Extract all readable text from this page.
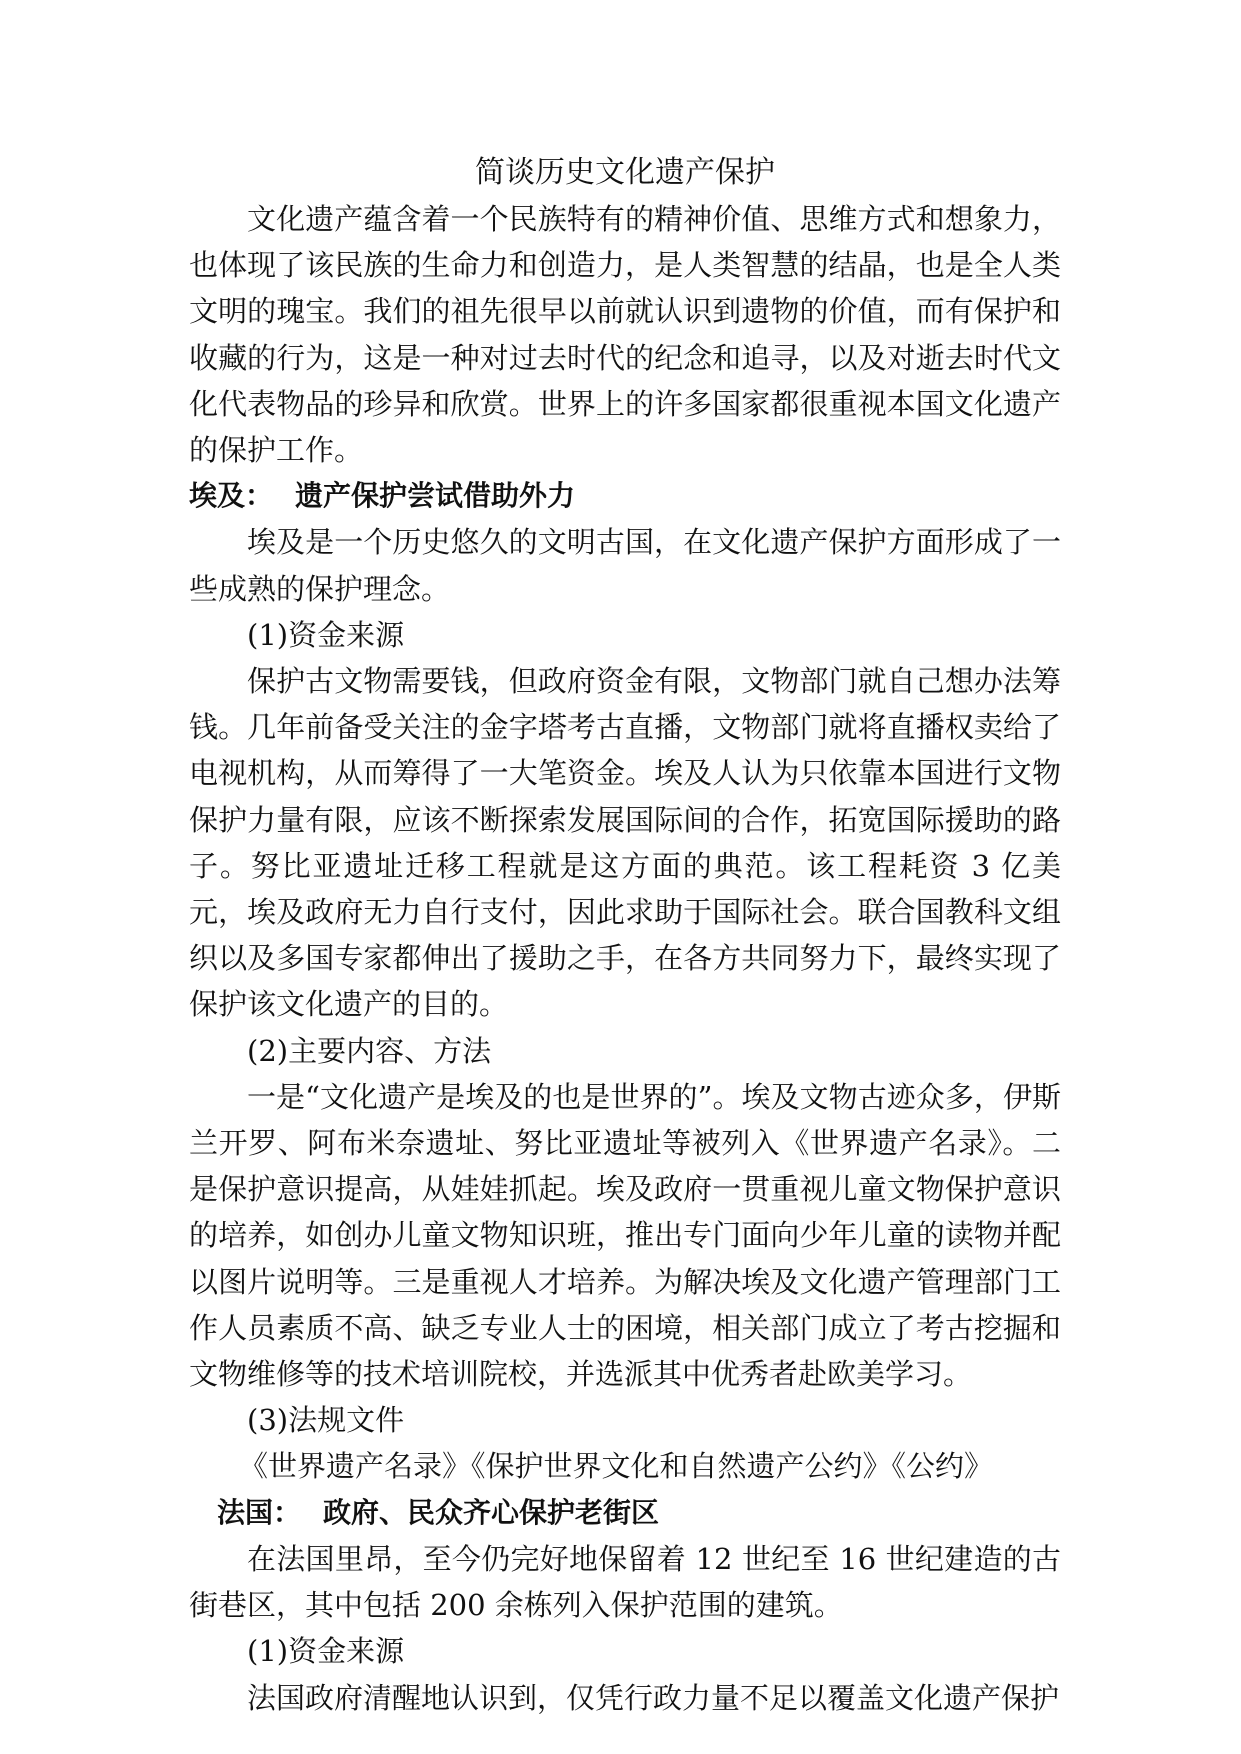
简谈历史文化遗产保护

文化遗产蕴含着一个民族特有的精神价值、思维方式和想象力，也体现了该民族的生命力和创造力，是人类智慧的结晶，也是全人类文明的瑰宝。我们的祖先很早以前就认识到遗物的价值，而有保护和收藏的行为，这是一种对过去时代的纪念和追寻，以及对逝去时代文化代表物品的珍异和欣赏。世界上的许多国家都很重视本国文化遗产的保护工作。

埃及： 遗产保护尝试借助外力

埃及是一个历史悠久的文明古国，在文化遗产保护方面形成了一些成熟的保护理念。

(1)资金来源

保护古文物需要钱，但政府资金有限，文物部门就自己想办法筹钱。几年前备受关注的金字塔考古直播，文物部门就将直播权卖给了电视机构，从而筹得了一大笔资金。埃及人认为只依靠本国进行文物保护力量有限，应该不断探索发展国际间的合作，拓宽国际援助的路子。努比亚遗址迁移工程就是这方面的典范。该工程耗资 3 亿美元，埃及政府无力自行支付，因此求助于国际社会。联合国教科文组织以及多国专家都伸出了援助之手，在各方共同努力下，最终实现了保护该文化遗产的目的。

(2)主要内容、方法

一是“文化遗产是埃及的也是世界的”。埃及文物古迹众多，伊斯兰开罗、阿布米奈遗址、努比亚遗址等被列入《世界遗产名录》。二是保护意识提高，从娃娃抓起。埃及政府一贯重视儿童文物保护意识的培养，如创办儿童文物知识班，推出专门面向少年儿童的读物并配以图片说明等。三是重视人才培养。为解决埃及文化遗产管理部门工作人员素质不高、缺乏专业人士的困境，相关部门成立了考古挖掘和文物维修等的技术培训院校，并选派其中优秀者赴欧美学习。

(3)法规文件

《世界遗产名录》《保护世界文化和自然遗产公约》《公约》

法国： 政府、民众齐心保护老街区

在法国里昂，至今仍完好地保留着 12 世纪至 16 世纪建造的古街巷区，其中包括 200 余栋列入保护范围的建筑。

(1)资金来源

法国政府清醒地认识到，仅凭行政力量不足以覆盖文化遗产保护
